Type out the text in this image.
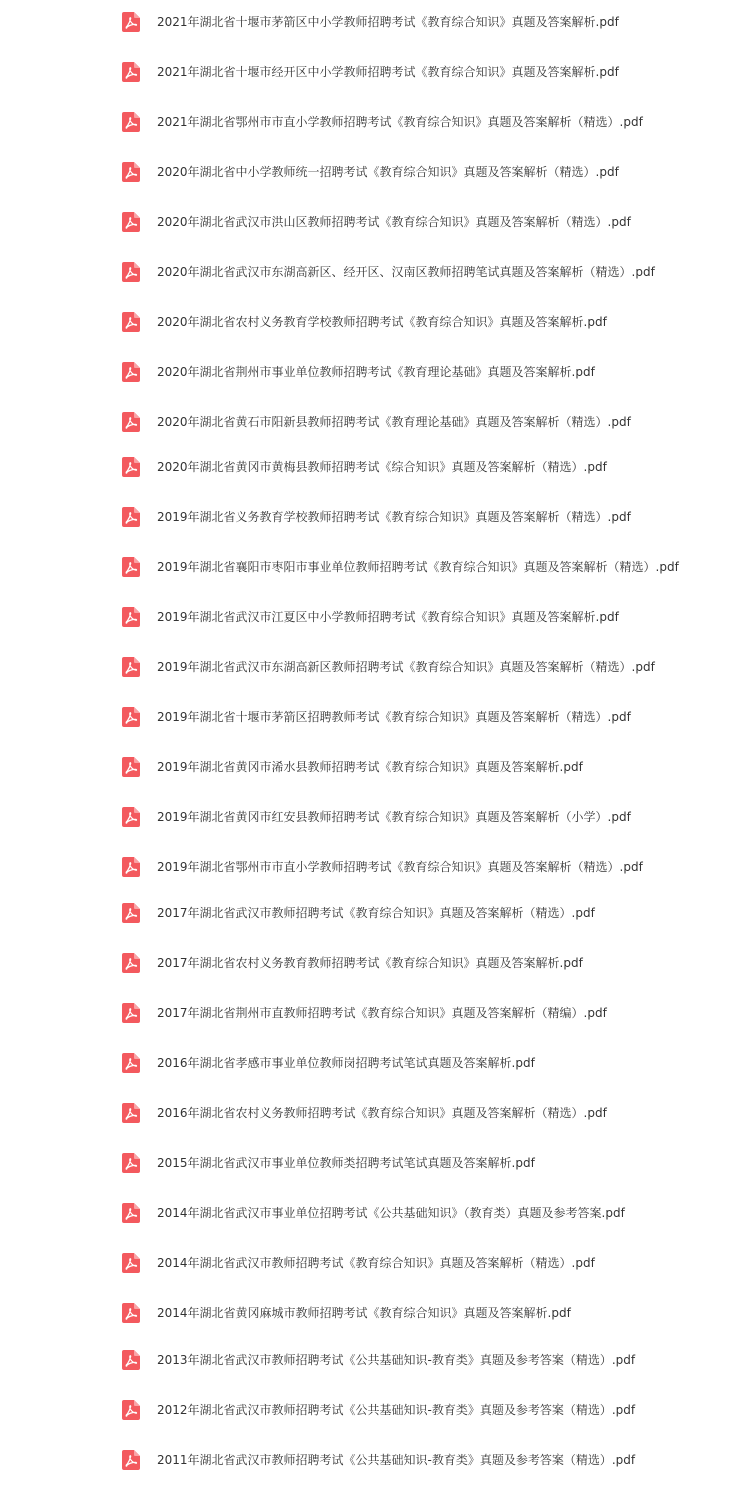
2021年湖北省十堰市茅箭区中小学教师招聘考试《教育综合知识》真题及答案解析.pdf
2021年湖北省十堰市经开区中小学教师招聘考试《教育综合知识》真题及答案解析.pdf
2021年湖北省鄂州市市直小学教师招聘考试《教育综合知识》真题及答案解析（精选）.pdf
2020年湖北省中小学教师统一招聘考试《教育综合知识》真题及答案解析（精选）.pdf
2020年湖北省武汉市洪山区教师招聘考试《教育综合知识》真题及答案解析（精选）.pdf
2020年湖北省武汉市东湖高新区、经开区、汉南区教师招聘笔试真题及答案解析（精选）.pdf
2020年湖北省农村义务教育学校教师招聘考试《教育综合知识》真题及答案解析.pdf
2020年湖北省荆州市事业单位教师招聘考试《教育理论基础》真题及答案解析.pdf
2020年湖北省黄石市阳新县教师招聘考试《教育理论基础》真题及答案解析（精选）.pdf
2020年湖北省黄冈市黄梅县教师招聘考试《综合知识》真题及答案解析（精选）.pdf
2019年湖北省义务教育学校教师招聘考试《教育综合知识》真题及答案解析（精选）.pdf
2019年湖北省襄阳市枣阳市事业单位教师招聘考试《教育综合知识》真题及答案解析（精选）.pdf
2019年湖北省武汉市江夏区中小学教师招聘考试《教育综合知识》真题及答案解析.pdf
2019年湖北省武汉市东湖高新区教师招聘考试《教育综合知识》真题及答案解析（精选）.pdf
2019年湖北省十堰市茅箭区招聘教师考试《教育综合知识》真题及答案解析（精选）.pdf
2019年湖北省黄冈市浠水县教师招聘考试《教育综合知识》真题及答案解析.pdf
2019年湖北省黄冈市红安县教师招聘考试《教育综合知识》真题及答案解析（小学）.pdf
2019年湖北省鄂州市市直小学教师招聘考试《教育综合知识》真题及答案解析（精选）.pdf
2017年湖北省武汉市教师招聘考试《教育综合知识》真题及答案解析（精选）.pdf
2017年湖北省农村义务教育教师招聘考试《教育综合知识》真题及答案解析.pdf
2017年湖北省荆州市直教师招聘考试《教育综合知识》真题及答案解析（精编）.pdf
2016年湖北省孝感市事业单位教师岗招聘考试笔试真题及答案解析.pdf
2016年湖北省农村义务教师招聘考试《教育综合知识》真题及答案解析（精选）.pdf
2015年湖北省武汉市事业单位教师类招聘考试笔试真题及答案解析.pdf
2014年湖北省武汉市事业单位招聘考试《公共基础知识》（教育类）真题及参考答案.pdf
2014年湖北省武汉市教师招聘考试《教育综合知识》真题及答案解析（精选）.pdf
2014年湖北省黄冈麻城市教师招聘考试《教育综合知识》真题及答案解析.pdf
2013年湖北省武汉市教师招聘考试《公共基础知识-教育类》真题及参考答案（精选）.pdf
2012年湖北省武汉市教师招聘考试《公共基础知识-教育类》真题及参考答案（精选）.pdf
2011年湖北省武汉市教师招聘考试《公共基础知识-教育类》真题及参考答案（精选）.pdf
